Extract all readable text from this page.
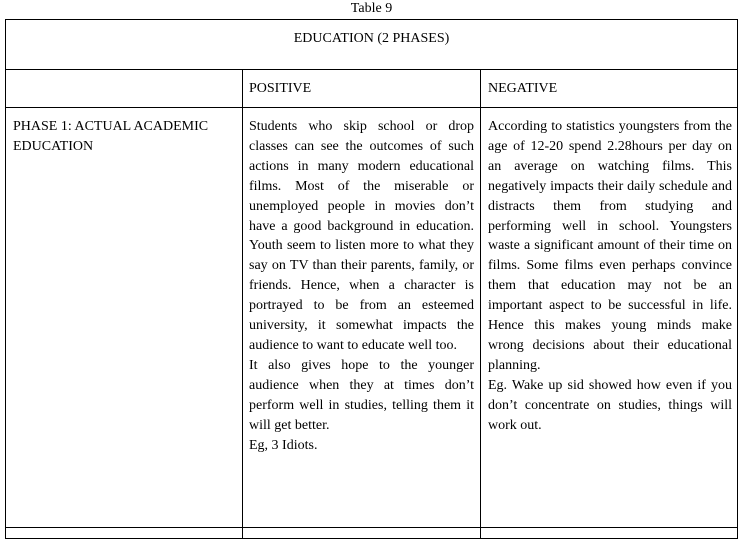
Table 9
EDUCATION (2 PHASES)
POSITIVE	NEGATIVE
PHASE 1: ACTUAL ACADEMIC EDUCATION

Students who skip school or drop classes can see the outcomes of such actions in many modern educational films. Most of the miserable or unemployed people in movies don’t have a good background in education. Youth seem to listen more to what they say on TV than their parents, family, or friends. Hence, when a character is portrayed to be from an esteemed university, it somewhat impacts the audience to want to educate well too.

It also gives hope to the younger audience when they at times don’t perform well in studies, telling them it will get better.

Eg, 3 Idiots.

According to statistics youngsters from the age of 12-20 spend 2.28hours per day on an average on watching films. This negatively impacts their daily schedule and distracts them from studying and performing well in school. Youngsters waste a significant amount of their time on films. Some films even perhaps convince them that education may not be an important aspect to be successful in life. Hence this makes young minds make wrong decisions about their educational planning.

Eg. Wake up sid showed how even if you don’t concentrate on studies, things will work out.
